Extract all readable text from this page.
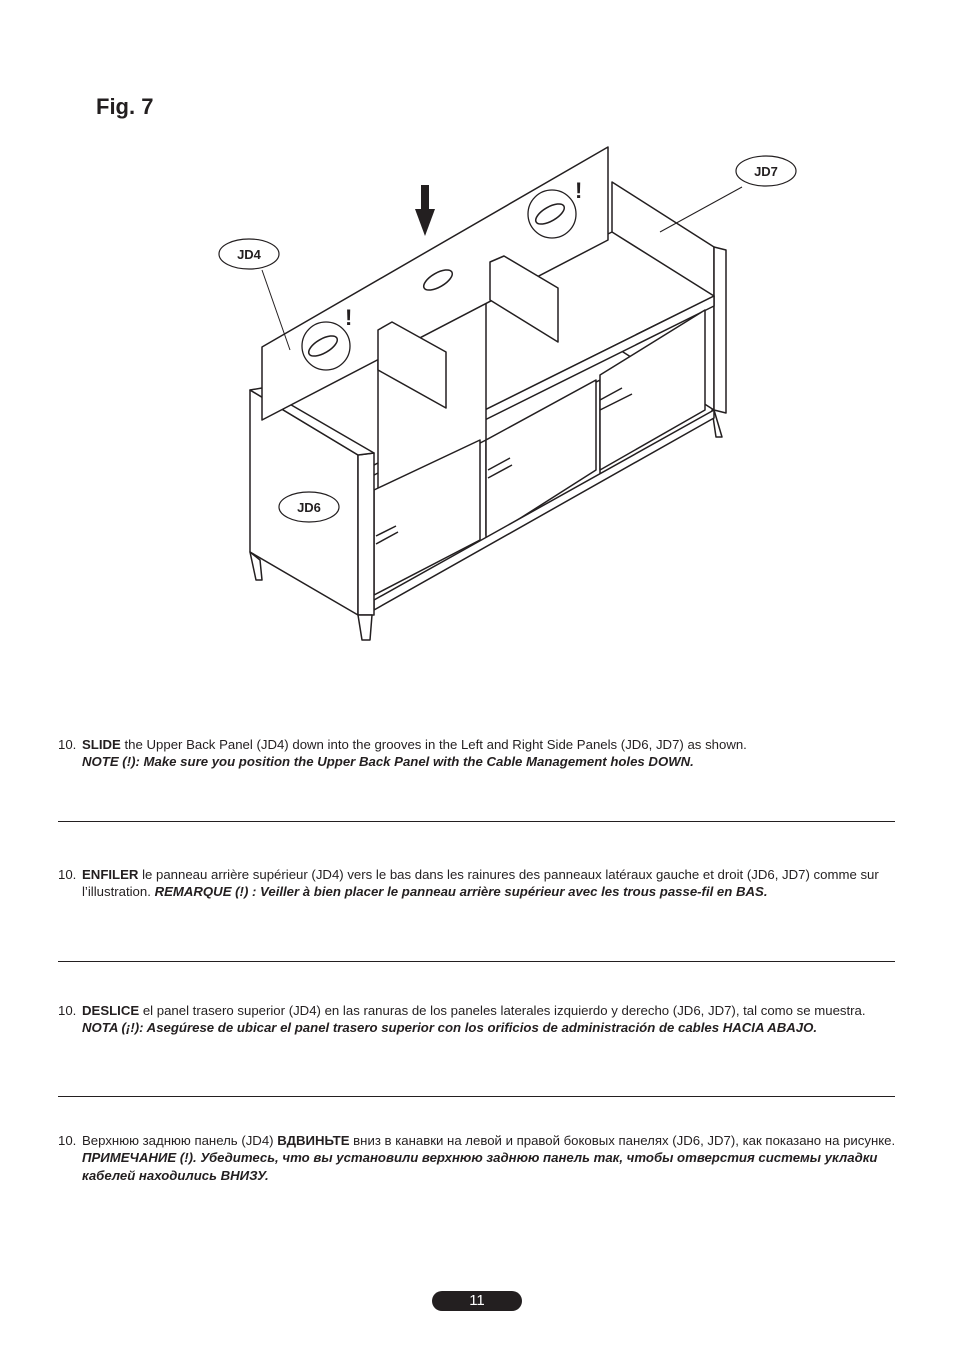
Fig. 7
!
!
JD4
JD6
JD7
10. SLIDE the Upper Back Panel (JD4) down into the grooves in the Left and Right Side Panels (JD6, JD7) as shown.
NOTE (!): Make sure you position the Upper Back Panel with the Cable Management holes DOWN.
10. ENFILER le panneau arrière supérieur (JD4) vers le bas dans les rainures des panneaux latéraux gauche et droit (JD6, JD7) comme sur l’illustration. REMARQUE (!) : Veiller à bien placer le panneau arrière supérieur avec les trous passe-fil en BAS.
10. DESLICE el panel trasero superior (JD4) en las ranuras de los paneles laterales izquierdo y derecho (JD6, JD7), tal como se muestra. NOTA (¡!): Asegúrese de ubicar el panel trasero superior con los orificios de administración de cables HACIA ABAJO.
10. Верхнюю заднюю панель (JD4) ВДВИНЬТЕ вниз в канавки на левой и правой боковых панелях (JD6, JD7), как показано на рисунке. ПРИМЕЧАНИЕ (!). Убедитесь, что вы установили верхнюю заднюю панель так, чтобы отверстия системы укладки кабелей находились ВНИЗУ.
11
